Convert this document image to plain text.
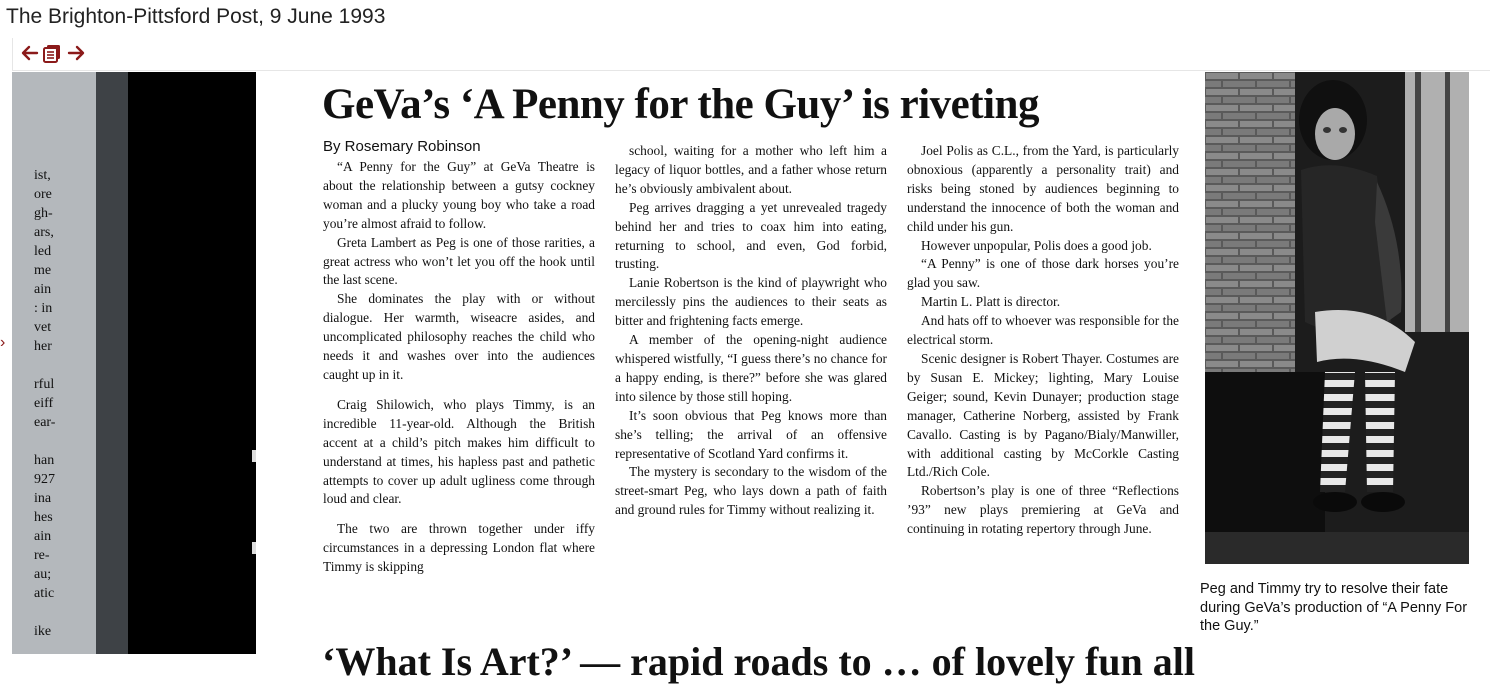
The Brighton-Pittsford Post, 9 June 1993
›
ist,
ore
gh-
ars,
led
me
ain
: in
vet
her
rful
eiff
ear-
han
927
ina
hes
ain
re-
au;
atic
ike
GeVa’s ‘A Penny for the Guy’ is riveting
By Rosemary Robinson

“A Penny for the Guy” at GeVa Theatre is about the relationship between a gutsy cockney woman and a plucky young boy who take a road you’re almost afraid to follow.

Greta Lambert as Peg is one of those rarities, a great actress who won’t let you off the hook until the last scene.

She dominates the play with or without dialogue. Her warmth, wiseacre asides, and uncomplicated philosophy reaches the child who needs it and washes over into the audiences caught up in it.

Craig Shilowich, who plays Timmy, is an incredible 11-year-old. Although the British accent at a child’s pitch makes him difficult to understand at times, his hapless past and pathetic attempts to cover up adult ugliness come through loud and clear.

The two are thrown together under iffy circumstances in a depressing London flat where Timmy is skipping

school, waiting for a mother who left him a legacy of liquor bottles, and a father whose return he’s obviously ambivalent about.

Peg arrives dragging a yet unrevealed tragedy behind her and tries to coax him into eating, returning to school, and even, God forbid, trusting.

Lanie Robertson is the kind of playwright who mercilessly pins the audiences to their seats as bitter and frightening facts emerge.

A member of the opening-night audience whispered wistfully, “I guess there’s no chance for a happy ending, is there?” before she was glared into silence by those still hoping.

It’s soon obvious that Peg knows more than she’s telling; the arrival of an offensive representative of Scotland Yard confirms it.

The mystery is secondary to the wisdom of the street-smart Peg, who lays down a path of faith and ground rules for Timmy without realizing it.

Joel Polis as C.L., from the Yard, is particularly obnoxious (apparently a personality trait) and risks being stoned by audiences beginning to understand the innocence of both the woman and child under his gun.

However unpopular, Polis does a good job.

“A Penny” is one of those dark horses you’re glad you saw.

Martin L. Platt is director.

And hats off to whoever was responsible for the electrical storm.

Scenic designer is Robert Thayer. Costumes are by Susan E. Mickey; lighting, Mary Louise Geiger; sound, Kevin Dunayer; production stage manager, Catherine Norberg, assisted by Frank Cavallo. Casting is by Pagano/Bialy/Manwiller, with additional casting by McCorkle Casting Ltd./Rich Cole.

Robertson’s play is one of three “Reflections ’93” new plays premiering at GeVa and continuing in rotating repertory through June.

Peg and Timmy try to resolve their fate during GeVa’s production of “A Penny For the Guy.”
‘What Is Art?’ — rapid roads to … of lovely fun all
